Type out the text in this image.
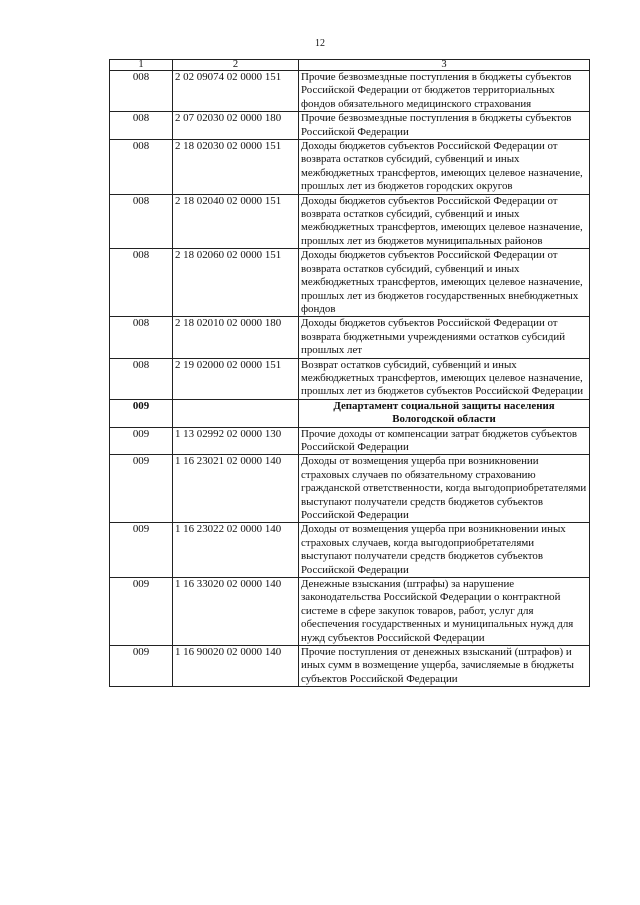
12
1	2	3
008	2 02 09074 02 0000 151	Прочие безвозмездные поступления в бюджеты субъектов Российской Федерации от бюджетов территориальных фондов обязательного медицинского страхования
008	2 07 02030 02 0000 180	Прочие безвозмездные поступления в бюджеты субъектов Российской Федерации
008	2 18 02030 02 0000 151	Доходы бюджетов субъектов Российской Федерации от возврата остатков субсидий, субвенций и иных межбюджетных трансфертов, имеющих целевое назначение, прошлых лет из бюджетов городских округов
008	2 18 02040 02 0000 151	Доходы бюджетов субъектов Российской Федерации от возврата остатков субсидий, субвенций и иных межбюджетных трансфертов, имеющих целевое назначение, прошлых лет из бюджетов муниципальных районов
008	2 18 02060 02 0000 151	Доходы бюджетов субъектов Российской Федерации от возврата остатков субсидий, субвенций и иных межбюджетных трансфертов, имеющих целевое назначение, прошлых лет из бюджетов государственных внебюджетных фондов
008	2 18 02010 02 0000 180	Доходы бюджетов субъектов Российской Федерации от возврата бюджетными учреждениями остатков субсидий прошлых лет
008	2 19 02000 02 0000 151	Возврат остатков субсидий, субвенций и иных межбюджетных трансфертов, имеющих целевое назначение, прошлых лет из бюджетов субъектов Российской Федерации
009		Департамент социальной защиты населения Вологодской области
009	1 13 02992 02 0000 130	Прочие доходы от компенсации затрат бюджетов субъектов Российской Федерации
009	1 16 23021 02 0000 140	Доходы от возмещения ущерба при возникновении страховых случаев по обязательному страхованию гражданской ответственности, когда выгодоприобретателями выступают получатели средств бюджетов субъектов Российской Федерации
009	1 16 23022 02 0000 140	Доходы от возмещения ущерба при возникновении иных страховых случаев, когда выгодоприобретателями выступают получатели средств бюджетов субъектов Российской Федерации
009	1 16 33020 02 0000 140	Денежные взыскания (штрафы) за нарушение законодательства Российской Федерации о контрактной системе в сфере закупок товаров, работ, услуг для обеспечения государственных и муниципальных нужд для нужд субъектов Российской Федерации
009	1 16 90020 02 0000 140	Прочие поступления от денежных взысканий (штрафов) и иных сумм в возмещение ущерба, зачисляемые в бюджеты субъектов Российской Федерации
